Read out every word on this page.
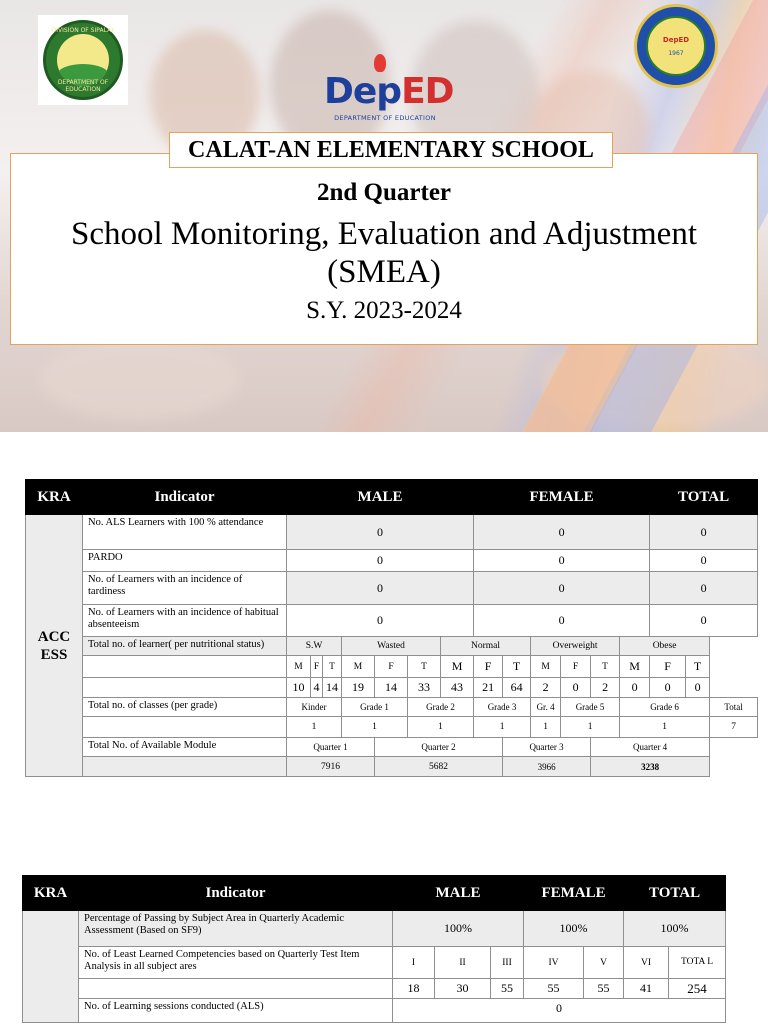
DIVISION OF SIPALAY CITY
DEPARTMENT OF EDUCATION	DepED
DEPARTMENT OF EDUCATION
DepED
1967
2nd Quarter
School Monitoring, Evaluation and Adjustment
(SMEA)
S.Y. 2023-2024
CALAT-AN ELEMENTARY SCHOOL
KRA	Indicator	MALE							FEMALE						TOTAL		

ACC
ESS	No. ALS Learners with 100 % attendance	0							0						0		
	PARDO	0							0						0		
	No. of Learners with an incidence of tardiness	0							0						0		
	No. of Learners with an incidence of habitual absenteeism	0							0						0		
	Total no. of learner( per nutritional status)	S.W			Wasted			Normal			Overweight			Obese			
		M	F	T	M	F	T	M	F	T	M	F	T	M	F	T	
		10	4	14	19	14	33	43	21	64	2	0	2	0	0	0	
	Total no. of classes (per grade)	Kinder			Grade 1		Grade 2		Grade 3		Gr. 4	Grade 5		Grade 6			Total
		1			1		1		1		1	1		1			7
	Total No. of Available Module	Quarter 1				Quarter 2				Quarter 3			Quarter 4				
		7916				5682				3966			3238				
KRA	Indicator	MALE			FEMALE		TOTAL	
	Percentage of Passing by Subject Area in Quarterly Academic Assessment (Based on SF9)	100%			100%		100%	
	No. of Least Learned Competencies based on Quarterly Test Item Analysis in all subject ares	I	II	III	IV	V	VI	TOTA L
		18	30	55	55	55	41	254
	No. of Learning sessions conducted (ALS)	0						
